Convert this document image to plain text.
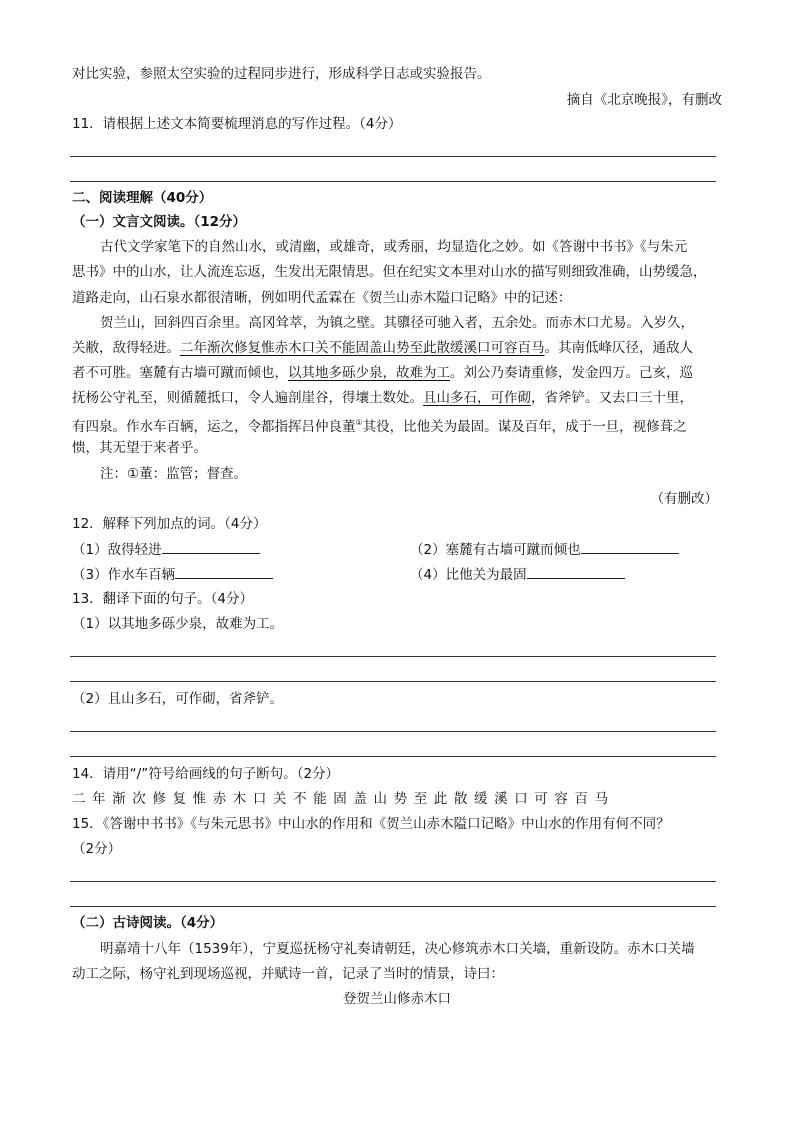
对比实验，参照太空实验的过程同步进行，形成科学日志或实验报告。
摘自《北京晚报》，有删改
11．请根据上述文本简要梳理消息的写作过程。（4分）
二、阅读理解（40分）
（一）文言文阅读。（12分）
古代文学家笔下的自然山水，或清幽，或雄奇，或秀丽，均显造化之妙。如《答谢中书书》《与朱元
思书》中的山水，让人流连忘返，生发出无限情思。但在纪实文本里对山水的描写则细致准确，山势缓急，
道路走向，山石泉水都很清晰，例如明代孟霖在《贺兰山赤木隘口记略》中的记述：
贺兰山，回斜四百余里。高冈耸萃，为镇之壁。其隳径可驰入者，五余处。而赤木口尤易。入岁久，
关敝，敌得轻进。二年渐次修复惟赤木口关不能固盖山势至此散缓溪口可容百马。其南低峰仄径，通敌人
者不可胜。塞麓有古墙可蹴而倾也，以其地多砾少泉，故难为工。刘公乃奏请重修，发金四万。己亥，巡
抚杨公守礼至，则循麓抵口，令人遍剖崖谷，得壤土数处。且山多石，可作砌，省斧铲。又去口三十里，
有四泉。作水车百辆，运之，令都指挥吕仲良董①其役，比他关为最固。谋及百年，成于一旦，视修葺之
愦，其无望于来者乎。
注：①董：监管；督查。
（有删改）
12．解释下列加点的词。（4分）
（1）敌得轻进	（2）塞麓有古墙可蹴而倾也
（3）作水车百辆	（4）比他关为最固
13．翻译下面的句子。（4分）
（1）以其地多砾少泉，故难为工。
（2）且山多石，可作砌，省斧铲。
14．请用“/”符号给画线的句子断句。（2分）
二年渐次修复惟赤木口关不能固盖山势至此散缓溪口可容百马
15．《答谢中书书》《与朱元思书》中山水的作用和《贺兰山赤木隘口记略》中山水的作用有何不同？
（2分）
（二）古诗阅读。（4分）
明嘉靖十八年（1539年），宁夏巡抚杨守礼奏请朝廷，决心修筑赤木口关墙，重新设防。赤木口关墙
动工之际，杨守礼到现场巡视，并赋诗一首，记录了当时的情景，诗曰：
登贺兰山修赤木口
